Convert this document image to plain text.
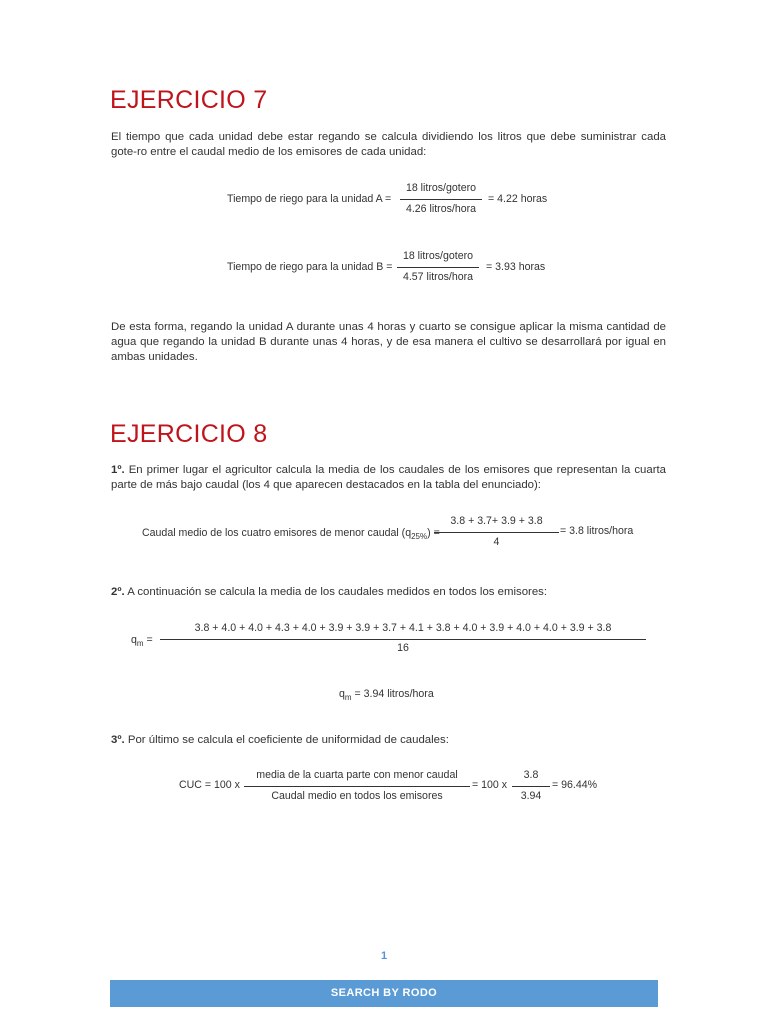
EJERCICIO 7
El tiempo que cada unidad debe estar regando se calcula dividiendo los litros que debe suministrar cada gote-ro entre el caudal medio de los emisores de cada unidad:
Tiempo de riego para la unidad A =
18 litros/gotero
4.26 litros/hora
= 4.22 horas
Tiempo de riego para la unidad B =
18 litros/gotero
4.57 litros/hora
= 3.93 horas
De esta forma, regando la unidad A durante unas 4 horas y cuarto se consigue aplicar la misma cantidad de agua que regando la unidad B durante unas 4 horas, y de esa manera el cultivo se desarrollará por igual en ambas unidades.
EJERCICIO 8
1º. En primer lugar el agricultor calcula la media de los caudales de los emisores que representan la cuarta parte de más bajo caudal (los 4 que aparecen destacados en la tabla del enunciado):
Caudal medio de los cuatro emisores de menor caudal $(q_{25\%})$ =
3.8 + 3.7+ 3.9 + 3.8
4
= 3.8 litros/hora
2º. A continuación se calcula la media de los caudales medidos en todos los emisores:
$q_m$ =
3.8 + 4.0 + 4.0 + 4.3 + 4.0 + 3.9 + 3.9 + 3.7 + 4.1 + 3.8 + 4.0 + 3.9 + 4.0 + 4.0 + 3.9 + 3.8
16
$q_m = 3.94$ litros/hora
3º. Por último se calcula el coeficiente de uniformidad de caudales:
CUC = 100 x
media de la cuarta parte con menor caudal
Caudal medio en todos los emisores
= 100 x
3.8
3.94
= 96.44%
1
SEARCH BY RODO
